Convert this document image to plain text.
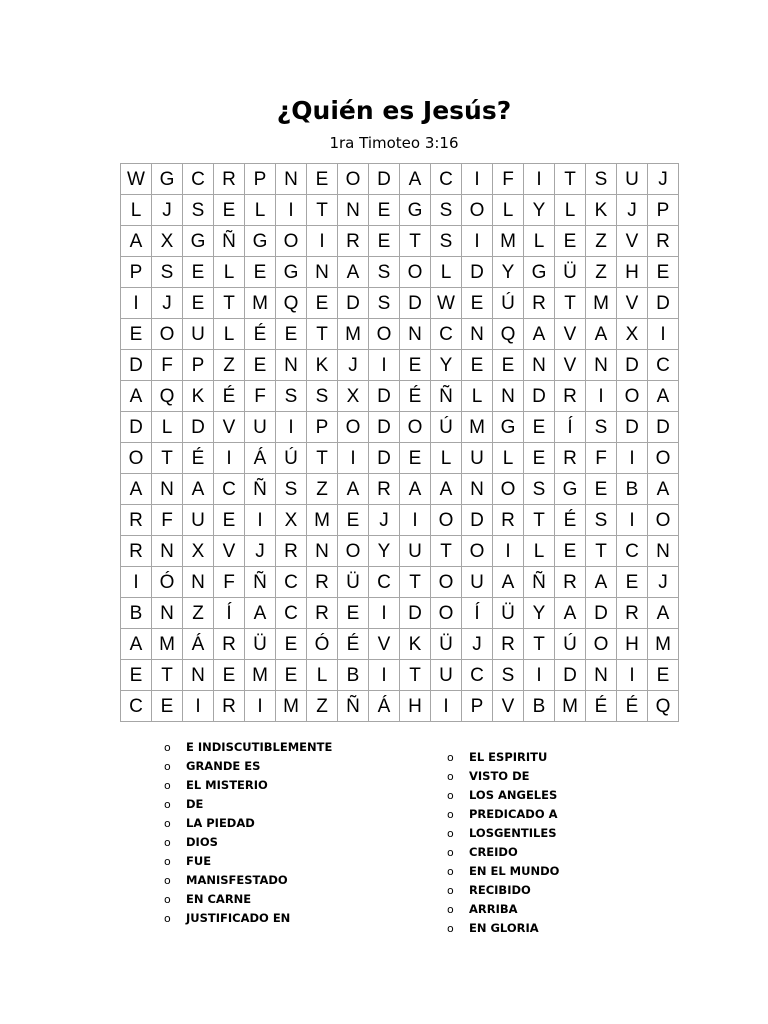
¿Quién es Jesús?
1ra Timoteo 3:16
W	G	C	R	P	N	E	O	D	A	C	I	F	I	T	S	U	J
L	J	S	E	L	I	T	N	E	G	S	O	L	Y	L	K	J	P
A	X	G	Ñ	G	O	I	R	E	T	S	I	M	L	E	Z	V	R
P	S	E	L	E	G	N	A	S	O	L	D	Y	G	Ü	Z	H	E
I	J	E	T	M	Q	E	D	S	D	W	E	Ú	R	T	M	V	D
E	O	U	L	É	E	T	M	O	N	C	N	Q	A	V	A	X	I
D	F	P	Z	E	N	K	J	I	E	Y	E	E	N	V	N	D	C
A	Q	K	É	F	S	S	X	D	É	Ñ	L	N	D	R	I	O	A
D	L	D	V	U	I	P	O	D	O	Ú	M	G	E	Í	S	D	D
O	T	É	I	Á	Ú	T	I	D	E	L	U	L	E	R	F	I	O
A	N	A	C	Ñ	S	Z	A	R	A	A	N	O	S	G	E	B	A
R	F	U	E	I	X	M	E	J	I	O	D	R	T	É	S	I	O
R	N	X	V	J	R	N	O	Y	U	T	O	I	L	E	T	C	N
I	Ó	N	F	Ñ	C	R	Ü	C	T	O	U	A	Ñ	R	A	E	J
B	N	Z	Í	A	C	R	E	I	D	O	Í	Ü	Y	A	D	R	A
A	M	Á	R	Ü	E	Ó	É	V	K	Ü	J	R	T	Ú	O	H	M
E	T	N	E	M	E	L	B	I	T	U	C	S	I	D	N	I	E
C	E	I	R	I	M	Z	Ñ	Á	H	I	P	V	B	M	É	É	Q
o E INDISCUTIBLEMENTE
o GRANDE ES
o EL MISTERIO
o DE
o LA PIEDAD
o DIOS
o FUE
o MANISFESTADO
o EN CARNE
o JUSTIFICADO EN
o EL ESPIRITU
o VISTO DE
o LOS ANGELES
o PREDICADO A
o LOSGENTILES
o CREIDO
o EN EL MUNDO
o RECIBIDO
o ARRIBA
o EN GLORIA
